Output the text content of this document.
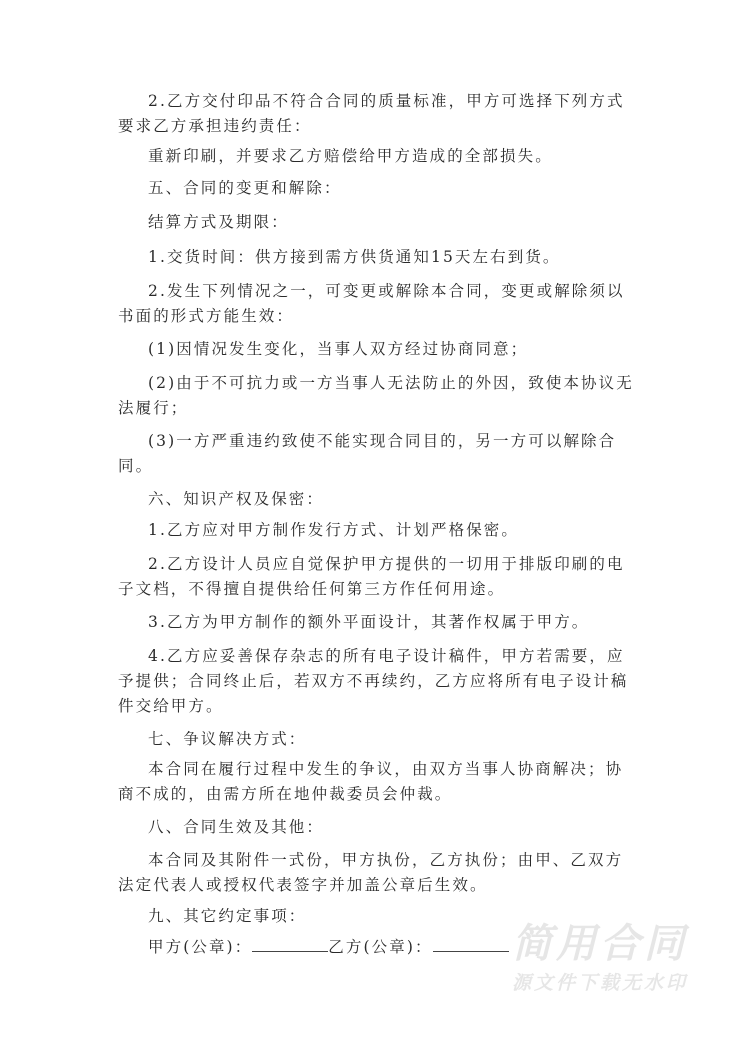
2.乙方交付印品不符合合同的质量标准，甲方可选择下列方式
要求乙方承担违约责任：
重新印刷，并要求乙方赔偿给甲方造成的全部损失。
五、合同的变更和解除：
结算方式及期限：
1.交货时间：供方接到需方供货通知15天左右到货。
2.发生下列情况之一，可变更或解除本合同，变更或解除须以
书面的形式方能生效：
(1)因情况发生变化，当事人双方经过协商同意；
(2)由于不可抗力或一方当事人无法防止的外因，致使本协议无
法履行；
(3)一方严重违约致使不能实现合同目的，另一方可以解除合
同。
六、知识产权及保密：
1.乙方应对甲方制作发行方式、计划严格保密。
2.乙方设计人员应自觉保护甲方提供的一切用于排版印刷的电
子文档，不得擅自提供给任何第三方作任何用途。
3.乙方为甲方制作的额外平面设计，其著作权属于甲方。
4.乙方应妥善保存杂志的所有电子设计稿件，甲方若需要，应
予提供；合同终止后，若双方不再续约，乙方应将所有电子设计稿
件交给甲方。
七、争议解决方式：
本合同在履行过程中发生的争议，由双方当事人协商解决；协
商不成的，由需方所在地仲裁委员会仲裁。
八、合同生效及其他：
本合同及其附件一式份，甲方执份，乙方执份；由甲、乙双方
法定代表人或授权代表签字并加盖公章后生效。
九、其它约定事项：
甲方(公章)：	乙方(公章)：	简用合同
源文件下载无水印
